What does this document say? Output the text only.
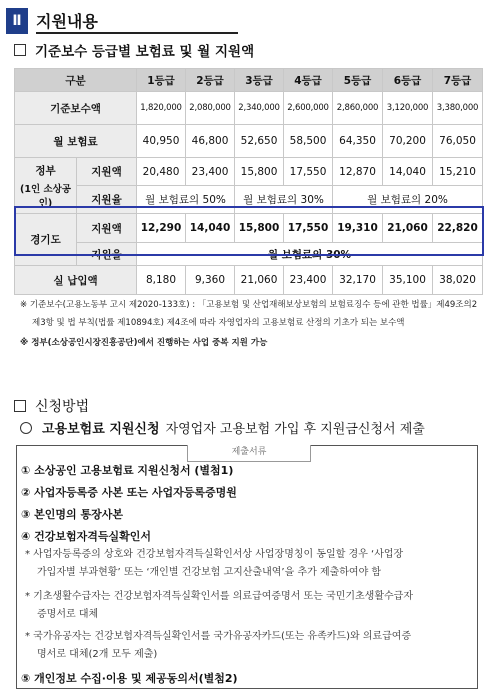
Ⅱ 지원내용
기준보수 등급별 보험료 및 월 지원액
구분		1등급	2등급	3등급	4등급	5등급	6등급	7등급
기준보수액		1,820,000	2,080,000	2,340,000	2,600,000	2,860,000	3,120,000	3,380,000
월 보험료		40,950	46,800	52,650	58,500	64,350	70,200	76,050

정부
(1인 소상공인)	지원액	20,480	23,400	15,800	17,550	12,870	14,040	15,210
	지원율	월 보험료의 50%		월 보험료의 30%		월 보험료의 20%		
경기도	지원액	12,290	14,040	15,800	17,550	19,310	21,060	22,820
	지원율	월 보험료의 30%						
실 납입액		8,180	9,360	21,060	23,400	32,170	35,100	38,020
※ 기준보수(고용노동부 고시 제2020-133호) : 「고용보험 및 산업재해보상보험의 보험료징수 등에 관한 법률」제49조의2
제3항 및 법 부칙(법률 제10894호) 제4조에 따라 자영업자의 고용보험료 산정의 기초가 되는 보수액
※ 정부(소상공인시장진흥공단)에서 진행하는 사업 중복 지원 가능
신청방법
고용보험료 지원신청 자영업자 고용보험 가입 후 지원금신청서 제출
제출서류
① 소상공인 고용보험료 지원신청서 (별첨1)
② 사업자등록증 사본 또는 사업자등록증명원
③ 본인명의 통장사본
④ 건강보험자격득실확인서
* 사업자등록증의 상호와 건강보험자격득실확인서상 사업장명칭이 동일할 경우 ‘사업장
가입자별 부과현황’ 또는 ‘개인별 건강보험 고지산출내역’을 추가 제출하여야 함
* 기초생활수급자는 건강보험자격득실확인서를 의료급여증명서 또는 국민기초생활수급자
증명서로 대체
* 국가유공자는 건강보험자격득실확인서를 국가유공자카드(또는 유족카드)와 의료급여증
명서로 대체(2개 모두 제출)
⑤ 개인정보 수집·이용 및 제공동의서(별첨2)
